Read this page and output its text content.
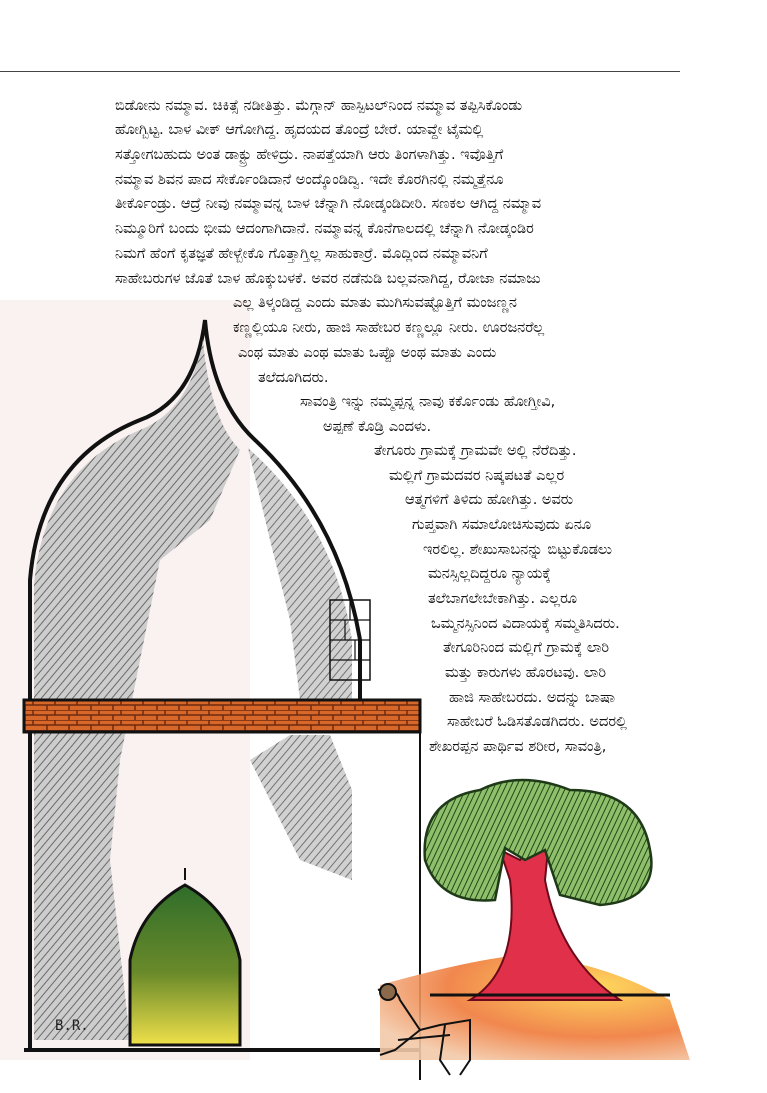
B.R.
ಬಿಡೋನು ನಮ್ಮಾವ. ಚಿಕಿತ್ಸೆ ನಡೀತಿತ್ತು. ಮೆಗ್ಗಾನ್ ಹಾಸ್ಪಿಟಲ್‌ನಿಂದ ನಮ್ಮಾವ ತಪ್ಪಿಸಿಕೊಂಡು
ಹೋಗ್ಬಿಟ್ಟ. ಬಾಳ ವೀಕ್ ಆಗೋಗಿದ್ದ. ಹೃದಯದ ತೊಂದ್ರೆ ಬೇರೆ. ಯಾವ್ದೇ ಟೈಮಲ್ಲಿ
ಸತ್ತೋಗಬಹುದು ಅಂತ ಡಾಕ್ಟ್ರು ಹೇಳಿದ್ರು. ನಾಪತ್ತೆಯಾಗಿ ಆರು ತಿಂಗಳಾಗಿತ್ತು. ಇವೊತ್ತಿಗೆ
ನಮ್ಮಾವ ಶಿವನ ಪಾದ ಸೇರ್ಕೊಂಡಿದಾನೆ ಅಂದ್ಕೊಂಡಿದ್ವಿ. ಇದೇ ಕೊರಗಿನಲ್ಲಿ ನಮ್ಮತ್ತೆನೂ
ತೀರ್ಕೊಂಡ್ರು. ಆದ್ರೆ ನೀವು ನಮ್ಮಾವನ್ನ ಬಾಳ ಚೆನ್ನಾಗಿ ನೋಡ್ಕಂಡಿದೀರಿ. ಸಣಕಲ ಆಗಿದ್ದ ನಮ್ಮಾವ
ನಿಮ್ಮೂರಿಗೆ ಬಂದು ಭೀಮ ಆದಂಗಾಗಿದಾನೆ. ನಮ್ಮಾವನ್ನ ಕೊನೆಗಾಲದಲ್ಲಿ ಚೆನ್ನಾಗಿ ನೋಡ್ಕಂಡಿರ
ನಿಮಗೆ ಹೆಂಗೆ ಕೃತಜ್ಞತೆ ಹೇಳ್ಬೇಕೊ ಗೊತ್ತಾಗ್ತಿಲ್ಲ ಸಾಹುಕಾರ್ರೆ. ಮೊದ್ಲಿಂದ ನಮ್ಮಾವನಿಗೆ
ಸಾಹೇಬರುಗಳ ಜೊತೆ ಬಾಳ ಹೊಕ್ಕುಬಳಕೆ. ಅವರ ನಡೆನುಡಿ ಬಲ್ಲವನಾಗಿದ್ದ, ರೋಜಾ ನಮಾಜು
ಎಲ್ಲ ತಿಳ್ಕಂಡಿದ್ದ ಎಂದು ಮಾತು ಮುಗಿಸುವಷ್ಟೊತ್ತಿಗೆ ಮಂಜಣ್ಣನ
ಕಣ್ಣಲ್ಲಿಯೂ ನೀರು, ಹಾಜಿ ಸಾಹೇಬರ ಕಣ್ಣಲ್ಲೂ ನೀರು. ಊರಜನರೆಲ್ಲ
ಎಂಥ ಮಾತು ಎಂಥ ಮಾತು ಒಪ್ಪೊ ಅಂಥ ಮಾತು ಎಂದು
ತಲೆದೂಗಿದರು.
ಸಾವಂತ್ರಿ ಇನ್ನು ನಮ್ಮಪ್ಪನ್ನ ನಾವು ಕರ್ಕೊಂಡು ಹೋಗ್ತೀವಿ,
ಅಪ್ಪಣೆ ಕೊಡ್ರಿ ಎಂದಳು.
ತೇಗೂರು ಗ್ರಾಮಕ್ಕೆ ಗ್ರಾಮವೇ ಅಲ್ಲಿ ನೆರೆದಿತ್ತು.
ಮಲ್ಲಿಗೆ ಗ್ರಾಮದವರ ನಿಷ್ಕಪಟತೆ ಎಲ್ಲರ
ಆತ್ಮಗಳಿಗೆ ತಿಳಿದು ಹೋಗಿತ್ತು. ಅವರು
ಗುಪ್ತವಾಗಿ ಸಮಾಲೋಚಿಸುವುದು ಏನೂ
ಇರಲಿಲ್ಲ. ಶೇಖುಸಾಬನನ್ನು ಬಿಟ್ಟುಕೊಡಲು
ಮನಸ್ಸಿಲ್ಲದಿದ್ದರೂ ನ್ಯಾಯಕ್ಕೆ
ತಲೆಬಾಗಲೇಬೇಕಾಗಿತ್ತು. ಎಲ್ಲರೂ
ಒಮ್ಮನಸ್ಸಿನಿಂದ ವಿದಾಯಕ್ಕೆ ಸಮ್ಮತಿಸಿದರು.
ತೇಗೂರಿನಿಂದ ಮಲ್ಲಿಗೆ ಗ್ರಾಮಕ್ಕೆ ಲಾರಿ
ಮತ್ತು ಕಾರುಗಳು ಹೊರಟವು. ಲಾರಿ
ಹಾಜಿ ಸಾಹೇಬರದು. ಅದನ್ನು ಬಾಷಾ
ಸಾಹೇಬರೆ ಓಡಿಸತೊಡಗಿದರು. ಅದರಲ್ಲಿ
ಶೇಖರಪ್ಪನ ಪಾರ್ಥಿವ ಶರೀರ, ಸಾವಂತ್ರಿ,
